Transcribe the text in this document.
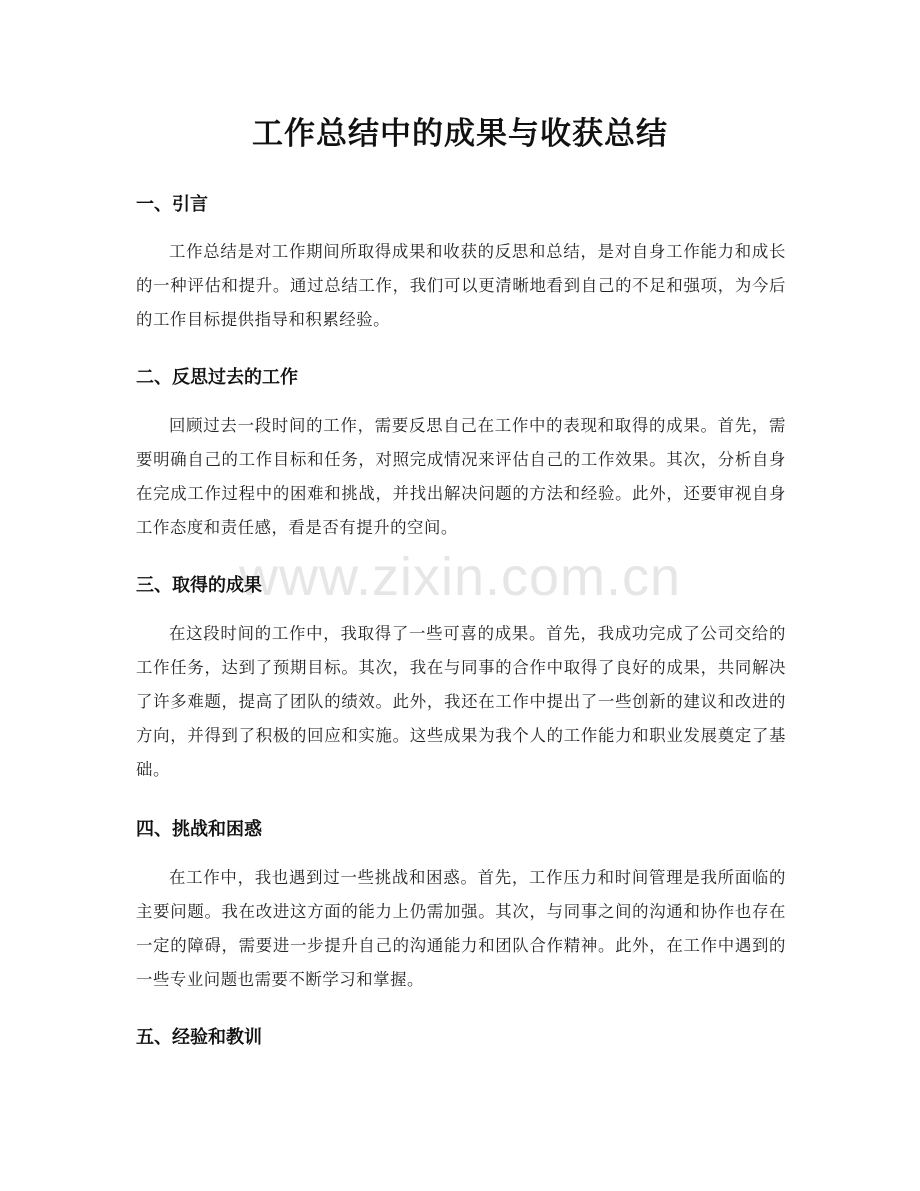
工作总结中的成果与收获总结
www.zixin.com.cn
一、引言

工作总结是对工作期间所取得成果和收获的反思和总结，是对自身工作能力和成长的一种评估和提升。通过总结工作，我们可以更清晰地看到自己的不足和强项，为今后的工作目标提供指导和积累经验。

二、反思过去的工作

回顾过去一段时间的工作，需要反思自己在工作中的表现和取得的成果。首先，需要明确自己的工作目标和任务，对照完成情况来评估自己的工作效果。其次，分析自身在完成工作过程中的困难和挑战，并找出解决问题的方法和经验。此外，还要审视自身工作态度和责任感，看是否有提升的空间。

三、取得的成果

在这段时间的工作中，我取得了一些可喜的成果。首先，我成功完成了公司交给的工作任务，达到了预期目标。其次，我在与同事的合作中取得了良好的成果，共同解决了许多难题，提高了团队的绩效。此外，我还在工作中提出了一些创新的建议和改进的方向，并得到了积极的回应和实施。这些成果为我个人的工作能力和职业发展奠定了基础。

四、挑战和困惑

在工作中，我也遇到过一些挑战和困惑。首先，工作压力和时间管理是我所面临的主要问题。我在改进这方面的能力上仍需加强。其次，与同事之间的沟通和协作也存在一定的障碍，需要进一步提升自己的沟通能力和团队合作精神。此外，在工作中遇到的一些专业问题也需要不断学习和掌握。

五、经验和教训
